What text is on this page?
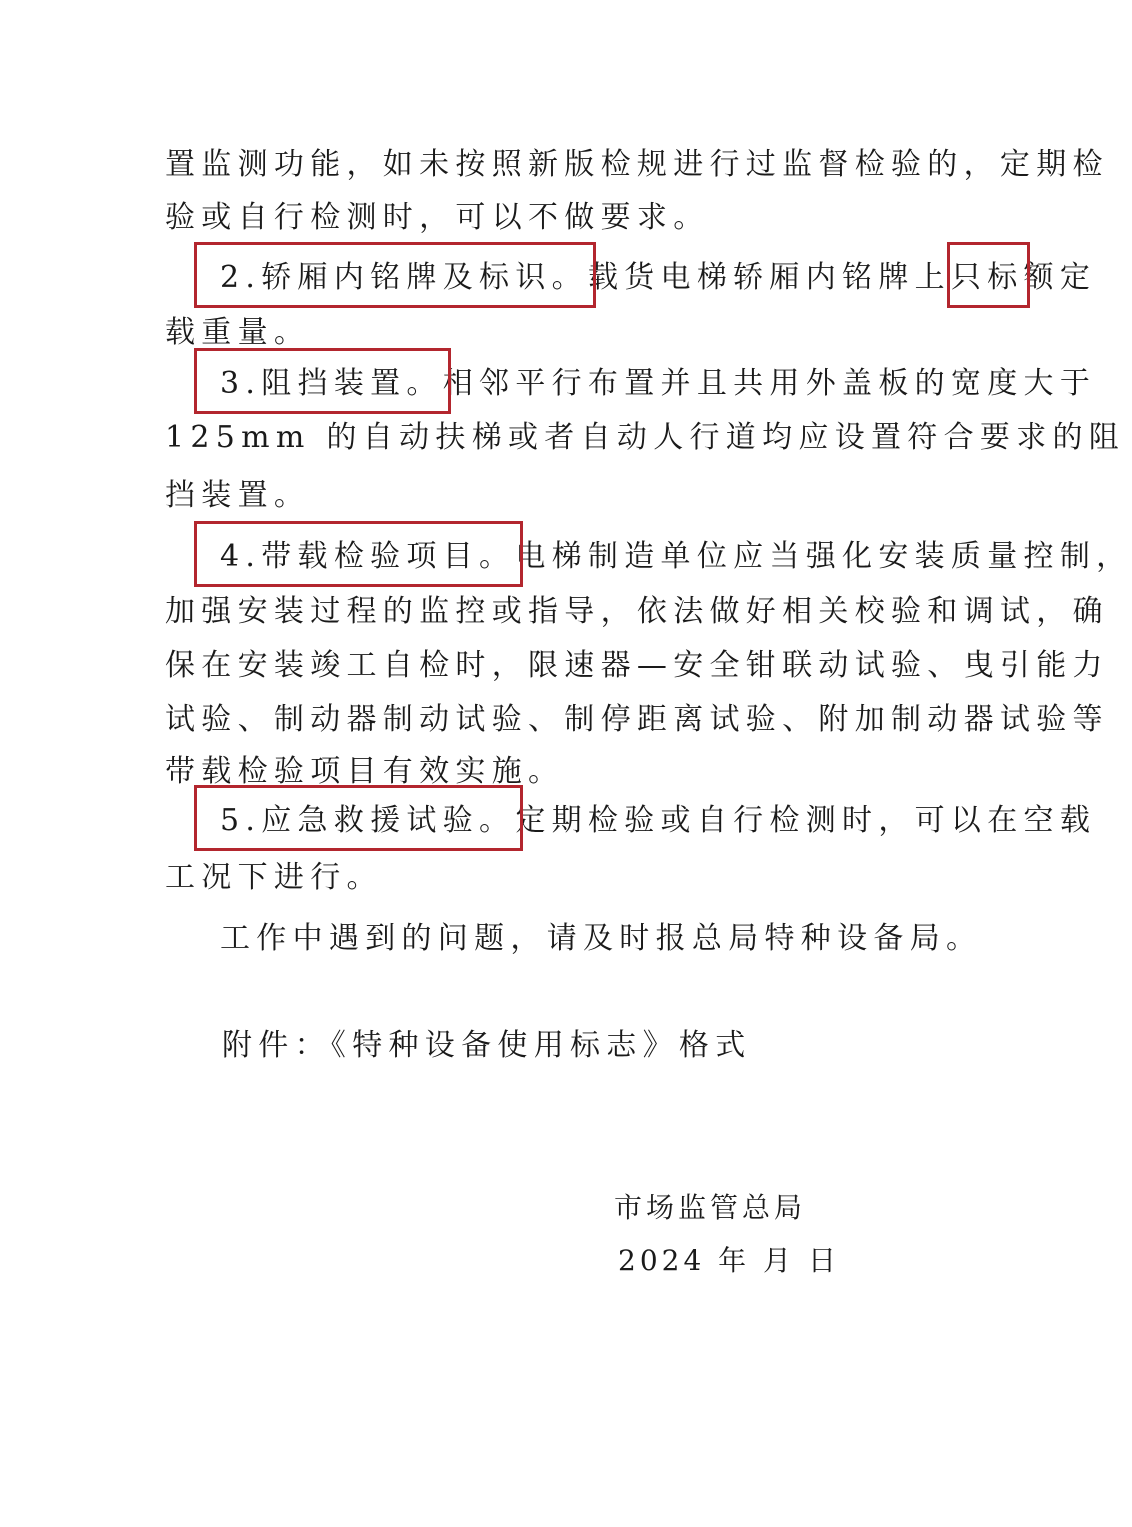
置监测功能，如未按照新版检规进行过监督检验的，定期检
验或自行检测时，可以不做要求。
2.轿厢内铭牌及标识。载货电梯轿厢内铭牌上只标额定
载重量。
3.阻挡装置。相邻平行布置并且共用外盖板的宽度大于
125mm 的自动扶梯或者自动人行道均应设置符合要求的阻
挡装置。
4.带载检验项目。电梯制造单位应当强化安装质量控制，
加强安装过程的监控或指导，依法做好相关校验和调试，确
保在安装竣工自检时，限速器—安全钳联动试验、曳引能力
试验、制动器制动试验、制停距离试验、附加制动器试验等
带载检验项目有效实施。
5.应急救援试验。定期检验或自行检测时，可以在空载
工况下进行。
工作中遇到的问题，请及时报总局特种设备局。
附件：《特种设备使用标志》格式
市场监管总局
2024 年 月 日
